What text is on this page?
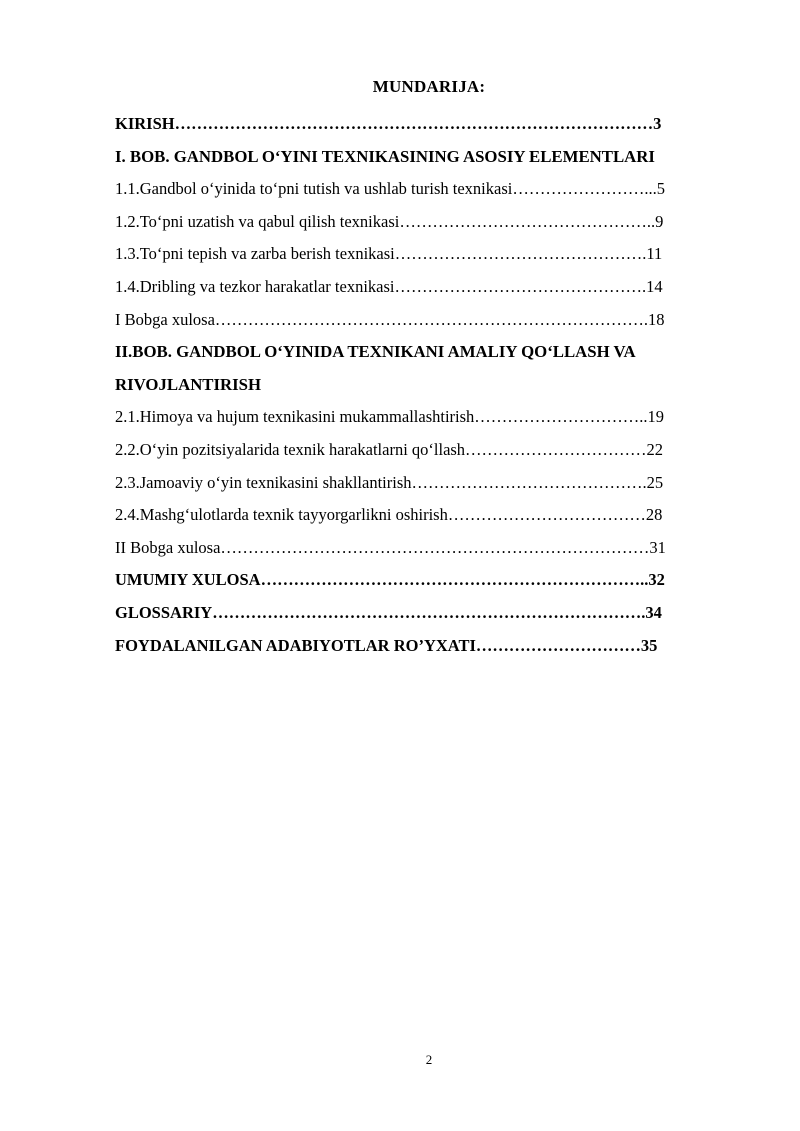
MUNDARIJA:
KIRISH……………………………………………………………………………3
I. BOB. GANDBOL O‘YINI TEXNIKASINING ASOSIY ELEMENTLARI
1.1.Gandbol o‘yinida to‘pni tutish va ushlab turish texnikasi……………………...5
1.2.To‘pni uzatish va qabul qilish texnikasi………………………………………..9
1.3.To‘pni tepish va zarba berish texnikasi……………………………………….11
1.4.Dribling va tezkor harakatlar texnikasi……………………………………….14
I Bobga xulosa…………………………………………………………………….18
II.BOB. GANDBOL O‘YINIDA TEXNIKANI AMALIY QO‘LLASH VA
RIVOJLANTIRISH
2.1.Himoya va hujum texnikasini mukammallashtirish…………………………..19
2.2.O‘yin pozitsiyalarida texnik harakatlarni qo‘llash……………………………22
2.3.Jamoaviy o‘yin texnikasini shakllantirish…………………………………….25
2.4.Mashg‘ulotlarda texnik tayyorgarlikni oshirish………………………………28
II Bobga xulosa……………………………………………………………………31
UMUMIY XULOSA……………………………………………………………..32
GLOSSARIY…………………………………………………………………….34
FOYDALANILGAN ADABIYOTLAR RO’YXATI…………………………35
2
